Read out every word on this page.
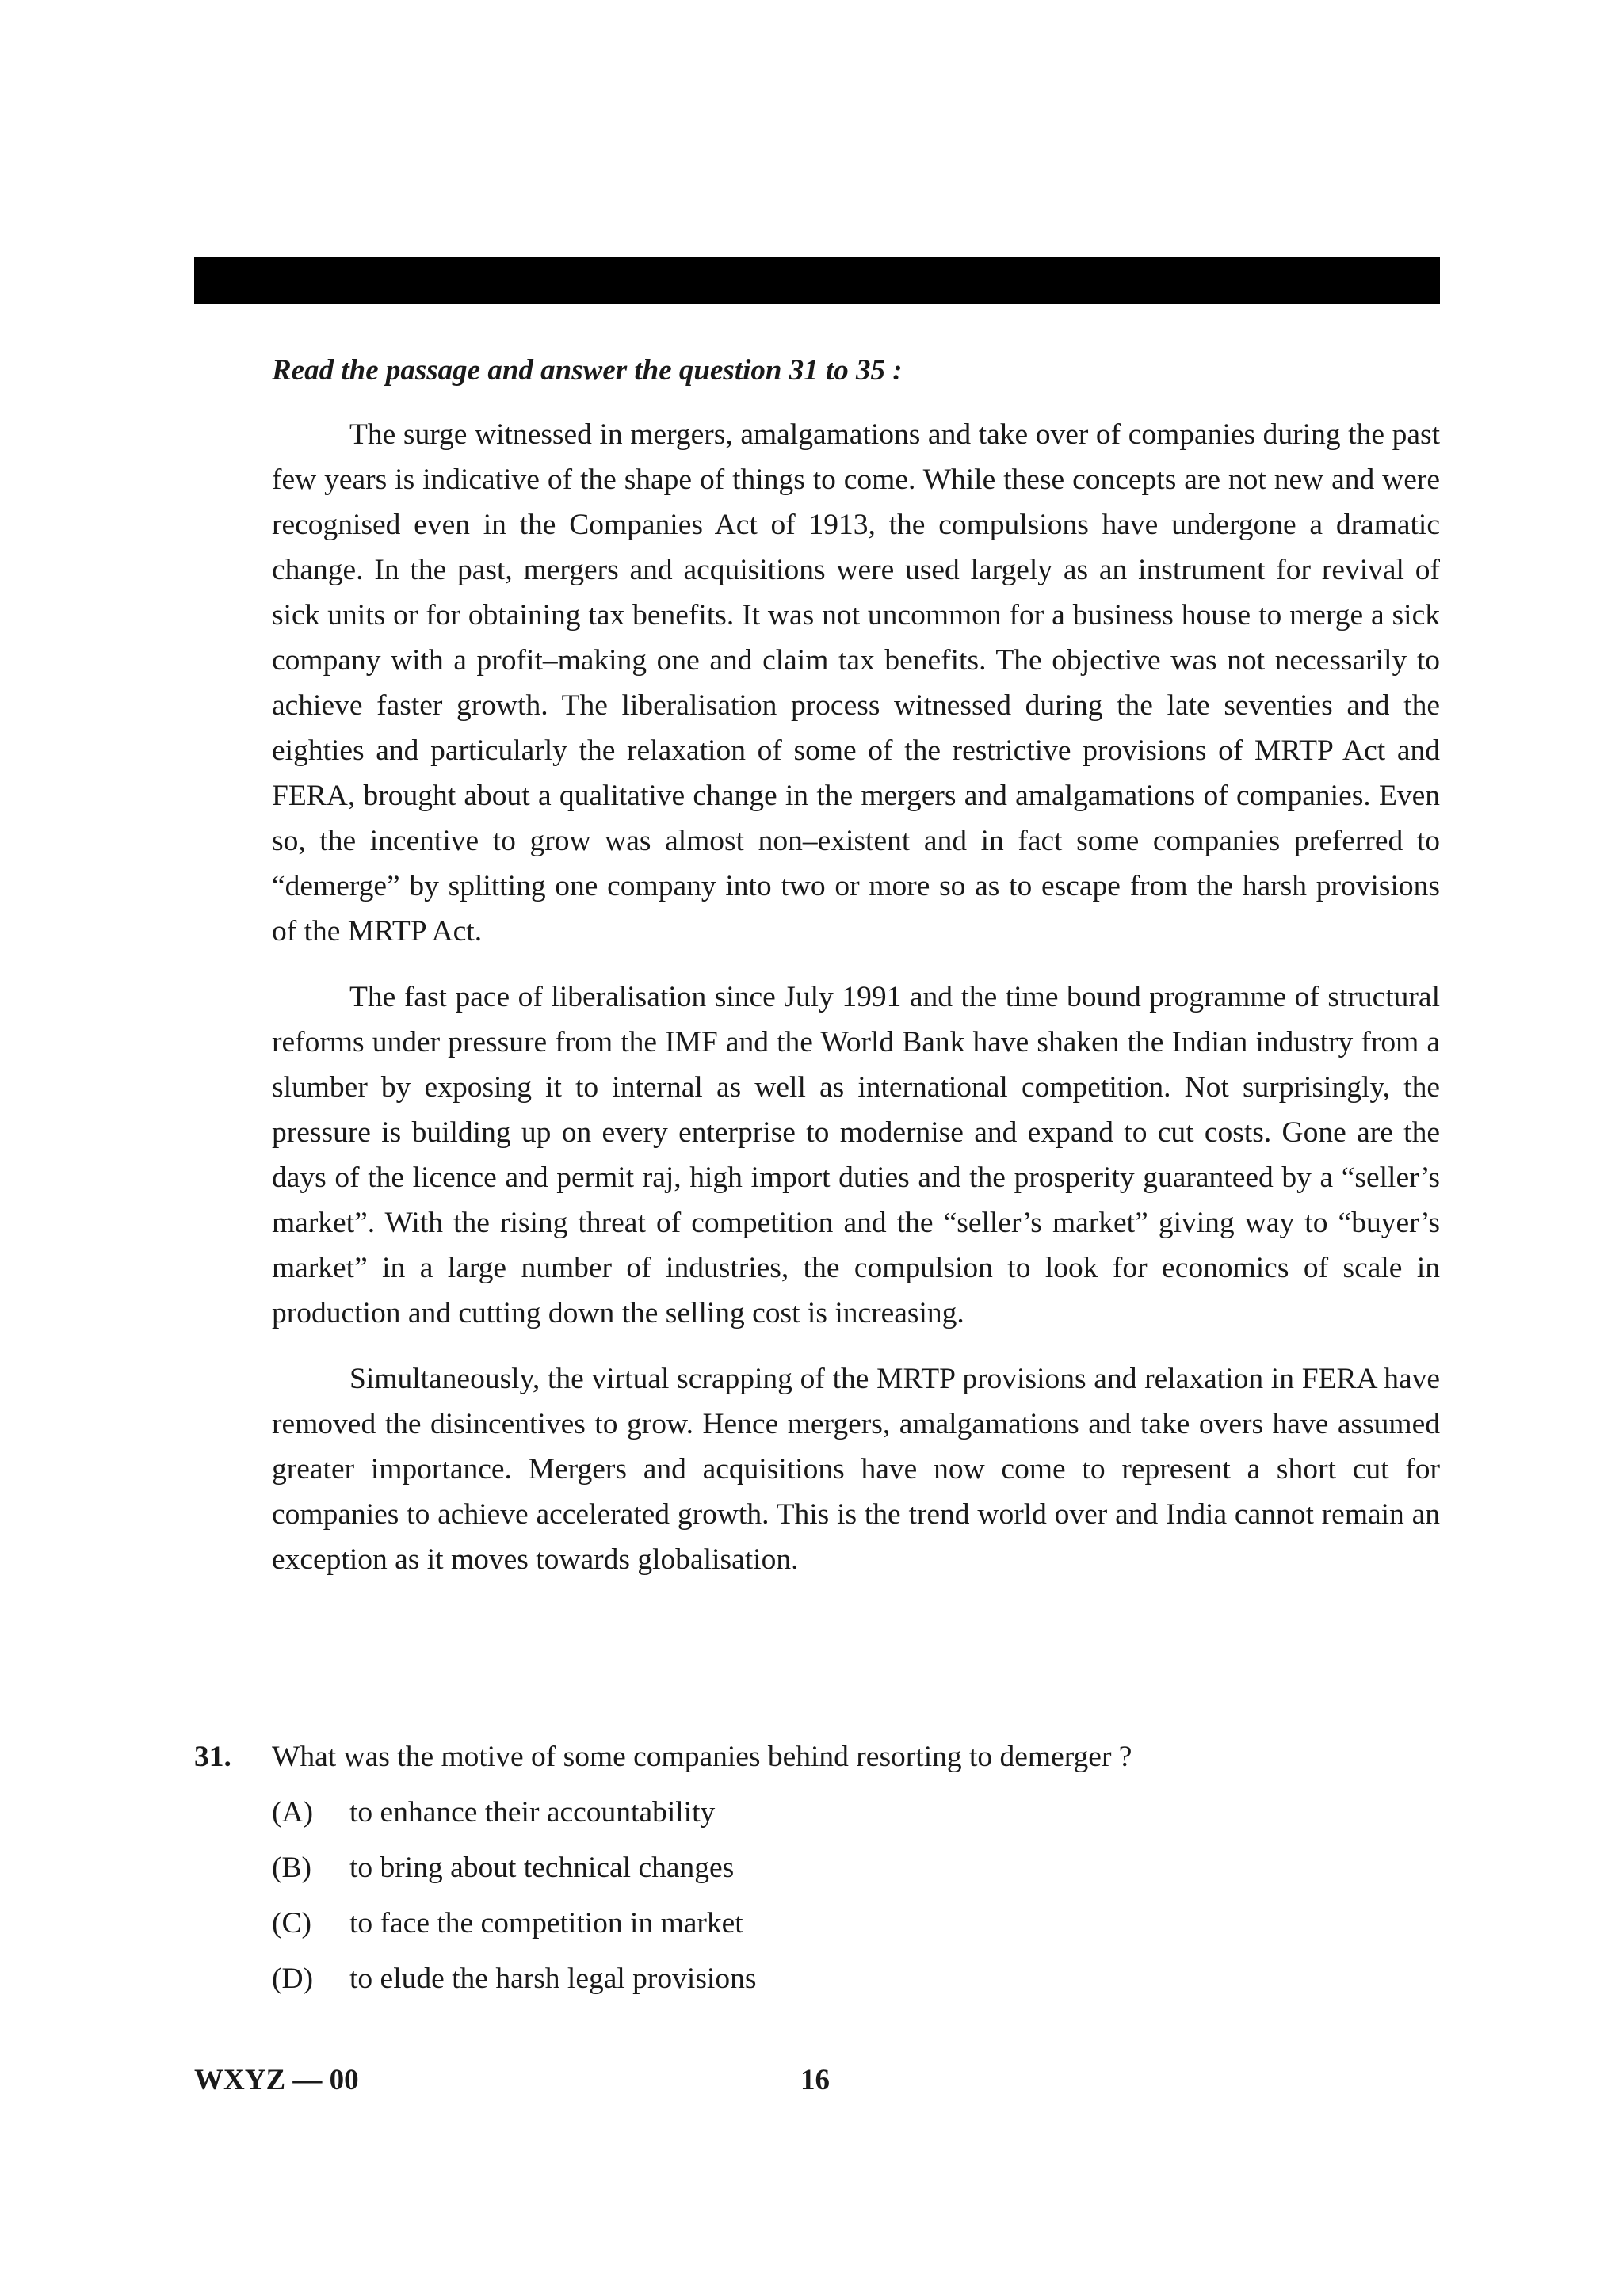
Read the passage and answer the question 31 to 35 :

The surge witnessed in mergers, amalgamations and take over of companies during the past few years is indicative of the shape of things to come. While these concepts are not new and were recognised even in the Companies Act of 1913, the compulsions have undergone a dramatic change. In the past, mergers and acquisitions were used largely as an instrument for revival of sick units or for obtaining tax benefits. It was not uncommon for a business house to merge a sick company with a profit–making one and claim tax benefits. The objective was not necessarily to achieve faster growth. The liberalisation process witnessed during the late seventies and the eighties and particularly the relaxation of some of the restrictive provisions of MRTP Act and FERA, brought about a qualitative change in the mergers and amalgamations of companies. Even so, the incentive to grow was almost non–existent and in fact some companies preferred to “demerge” by splitting one company into two or more so as to escape from the harsh provisions of the MRTP Act.

The fast pace of liberalisation since July 1991 and the time bound programme of structural reforms under pressure from the IMF and the World Bank have shaken the Indian industry from a slumber by exposing it to internal as well as international competition. Not surprisingly, the pressure is building up on every enterprise to modernise and expand to cut costs. Gone are the days of the licence and permit raj, high import duties and the prosperity guaranteed by a “seller’s market”. With the rising threat of competition and the “seller’s market” giving way to “buyer’s market” in a large number of industries, the compulsion to look for economics of scale in production and cutting down the selling cost is increasing.

Simultaneously, the virtual scrapping of the MRTP provisions and relaxation in FERA have removed the disincentives to grow. Hence mergers, amalgamations and take overs have assumed greater importance. Mergers and acquisitions have now come to represent a short cut for companies to achieve accelerated growth. This is the trend world over and India cannot remain an exception as it moves towards globalisation.

31.	What was the motive of some companies behind resorting to demerger ?
(A)	to enhance their accountability
(B)	to bring about technical changes
(C)	to face the competition in market
(D)	to elude the harsh legal provisions
WXYZ — 00	16
